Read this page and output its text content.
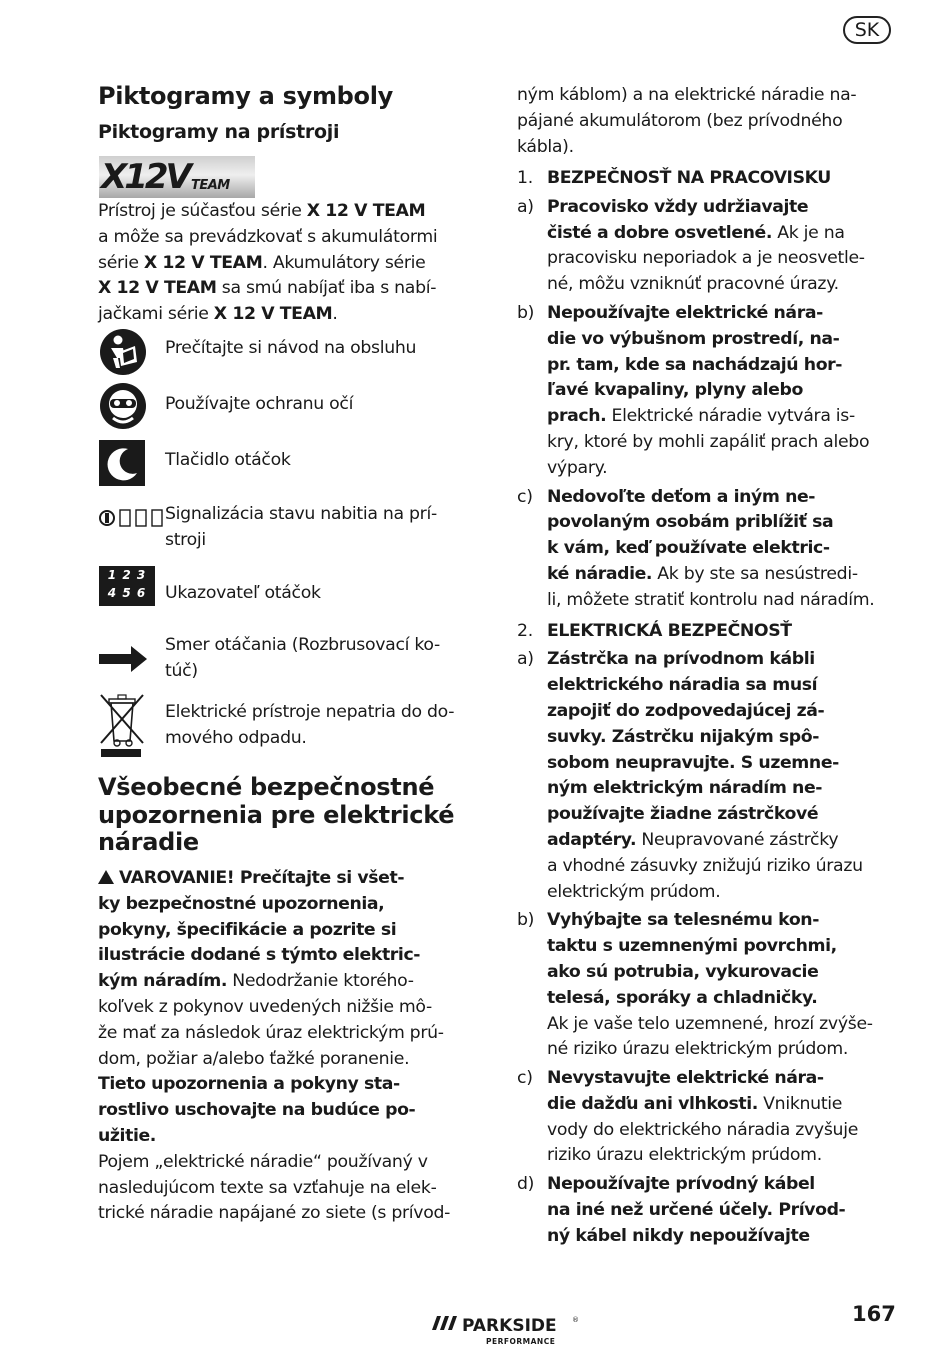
SK
Piktogramy a symboly
Piktogramy na prístroji
X12V TEAM

Prístroj je súčasťou série X 12 V TEAM

a môže sa prevádzkovať s akumulátormi

série X 12 V TEAM. Akumulátory série

X 12 V TEAM sa smú nabíjať iba s nabí-

jačkami série X 12 V TEAM.

Prečítajte si návod na obsluhu
Používajte ochranu očí
Tlačidlo otáčok

Signalizácia stavu nabitia na prí-

stroji

1 2 3
4 5 6	Ukazovateľ otáčok

Smer otáčania (Rozbrusovací ko-

túč)

Elektrické prístroje nepatria do do-

mového odpadu.

Všeobecné bezpečnostné

upozornenia pre elektrické

náradie

VAROVANIE! Prečítajte si všet-

ky bezpečnostné upozornenia,

pokyny, špecifikácie a pozrite si

ilustrácie dodané s týmto elektric-

kým náradím. Nedodržanie ktorého-

koľvek z pokynov uvedených nižšie mô-

že mať za následok úraz elektrickým prú-

dom, požiar a/alebo ťažké poranenie.

Tieto upozornenia a pokyny sta-

rostlivo uschovajte na budúce po-

užitie.

Pojem „elektrické náradie“ používaný v

nasledujúcom texte sa vzťahuje na elek-

trické náradie napájané zo siete (s prívod-

ným káblom) a na elektrické náradie na-

pájané akumulátorom (bez prívodného

kábla).

1. BEZPEČNOSŤ NA PRACOVISKU
a) Pracovisko vždy udržiavajte

čisté a dobre osvetlené. Ak je na

pracovisku neporiadok a je neosvetle-

né, môžu vzniknúť pracovné úrazy.

b) Nepoužívajte elektrické nára-

die vo výbušnom prostredí, na-

pr. tam, kde sa nachádzajú hor-

ľavé kvapaliny, plyny alebo

prach. Elektrické náradie vytvára is-

kry, ktoré by mohli zapáliť prach alebo

výpary.

c) Nedovoľte deťom a iným ne-

povolaným osobám priblížiť sa

k vám, keď používate elektric-

ké náradie. Ak by ste sa nesústredi-

li, môžete stratiť kontrolu nad náradím.

2. ELEKTRICKÁ BEZPEČNOSŤ
a) Zástrčka na prívodnom kábli

elektrického náradia sa musí

zapojiť do zodpovedajúcej zá-

suvky. Zástrčku nijakým spô-

sobom neupravujte. S uzemne-

ným elektrickým náradím ne-

používajte žiadne zástrčkové

adaptéry. Neupravované zástrčky

a vhodné zásuvky znižujú riziko úrazu

elektrickým prúdom.

b) Vyhýbajte sa telesnému kon-

taktu s uzemnenými povrchmi,

ako sú potrubia, vykurovacie

telesá, sporáky a chladničky.

Ak je vaše telo uzemnené, hrozí zvýše-

né riziko úrazu elektrickým prúdom.

c) Nevystavujte elektrické nára-

die dažďu ani vlhkosti. Vniknutie

vody do elektrického náradia zvyšuje

riziko úrazu elektrickým prúdom.

d) Nepoužívajte prívodný kábel

na iné než určené účely. Prívod-

ný kábel nikdy nepoužívajte

PARKSIDE ®
PERFORMANCE
167
